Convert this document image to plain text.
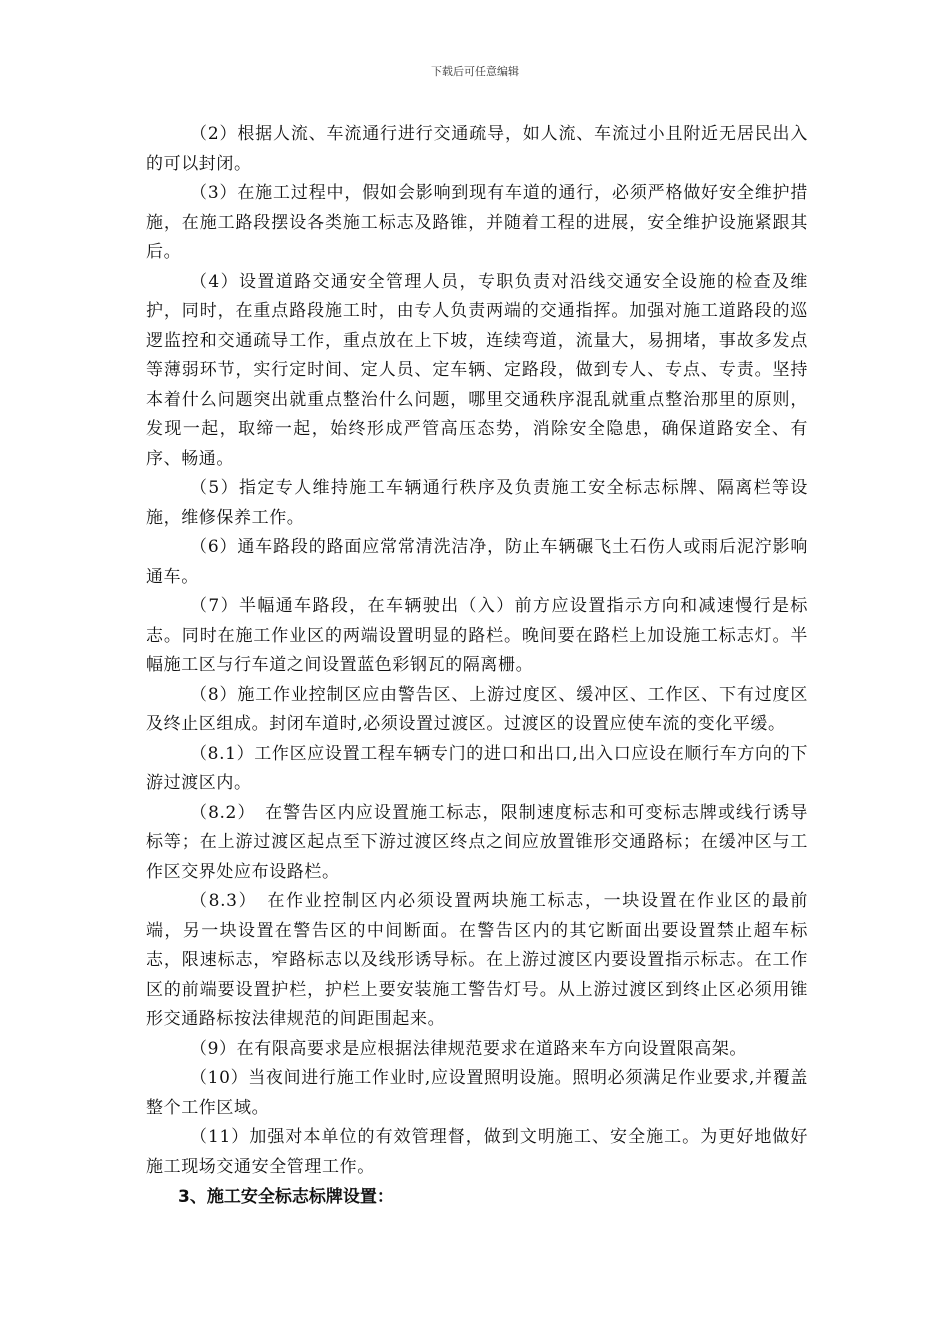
下载后可任意编辑

（2）根据人流、车流通行进行交通疏导，如人流、车流过小且附近无居民出入的可以封闭。

（3）在施工过程中，假如会影响到现有车道的通行，必须严格做好安全维护措施，在施工路段摆设各类施工标志及路锥，并随着工程的进展，安全维护设施紧跟其后。

（4）设置道路交通安全管理人员，专职负责对沿线交通安全设施的检查及维护，同时，在重点路段施工时，由专人负责两端的交通指挥。加强对施工道路段的巡逻监控和交通疏导工作，重点放在上下坡，连续弯道，流量大，易拥堵，事故多发点等薄弱环节，实行定时间、定人员、定车辆、定路段，做到专人、专点、专责。坚持本着什么问题突出就重点整治什么问题，哪里交通秩序混乱就重点整治那里的原则，发现一起，取缔一起，始终形成严管高压态势，消除安全隐患，确保道路安全、有序、畅通。

（5）指定专人维持施工车辆通行秩序及负责施工安全标志标牌、隔离栏等设施，维修保养工作。

（6）通车路段的路面应常常清洗洁净，防止车辆碾飞土石伤人或雨后泥泞影响通车。

（7）半幅通车路段，在车辆驶出（入）前方应设置指示方向和减速慢行是标志。同时在施工作业区的两端设置明显的路栏。晚间要在路栏上加设施工标志灯。半幅施工区与行车道之间设置蓝色彩钢瓦的隔离栅。

（8）施工作业控制区应由警告区、上游过度区、缓冲区、工作区、下有过度区及终止区组成。封闭车道时,必须设置过渡区。过渡区的设置应使车流的变化平缓。

（8.1）工作区应设置工程车辆专门的进口和出口,出入口应设在顺行车方向的下游过渡区内。

（8.2）　在警告区内应设置施工标志，限制速度标志和可变标志牌或线行诱导标等；在上游过渡区起点至下游过渡区终点之间应放置锥形交通路标；在缓冲区与工作区交界处应布设路栏。

（8.3）　在作业控制区内必须设置两块施工标志，一块设置在作业区的最前端，另一块设置在警告区的中间断面。在警告区内的其它断面出要设置禁止超车标志，限速标志，窄路标志以及线形诱导标。在上游过渡区内要设置指示标志。在工作区的前端要设置护栏，护栏上要安装施工警告灯号。从上游过渡区到终止区必须用锥形交通路标按法律规范的间距围起来。

（9）在有限高要求是应根据法律规范要求在道路来车方向设置限高架。

（10）当夜间进行施工作业时,应设置照明设施。照明必须满足作业要求,并覆盖整个工作区域。

（11）加强对本单位的有效管理督，做到文明施工、安全施工。为更好地做好施工现场交通安全管理工作。

3、施工安全标志标牌设置：
